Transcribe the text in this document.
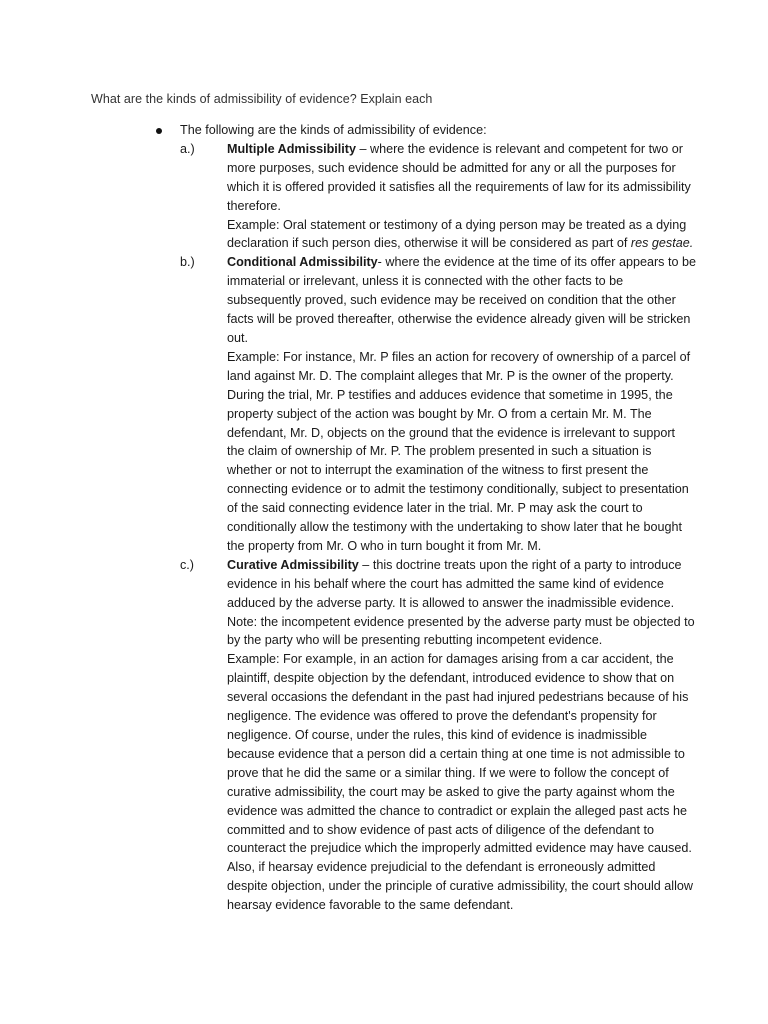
What are the kinds of admissibility of evidence? Explain each
The following are the kinds of admissibility of evidence:
a.)	Multiple Admissibility – where the evidence is relevant and competent for two or more purposes, such evidence should be admitted for any or all the purposes for which it is offered provided it satisfies all the requirements of law for its admissibility therefore.

Example: Oral statement or testimony of a dying person may be treated as a dying declaration if such person dies, otherwise it will be considered as part of res gestae.

b.)	Conditional Admissibility- where the evidence at the time of its offer appears to be immaterial or irrelevant, unless it is connected with the other facts to be subsequently proved, such evidence may be received on condition that the other facts will be proved thereafter, otherwise the evidence already given will be stricken out.

Example: For instance, Mr. P files an action for recovery of ownership of a parcel of land against Mr. D. The complaint alleges that Mr. P is the owner of the property. During the trial, Mr. P testifies and adduces evidence that sometime in 1995, the property subject of the action was bought by Mr. O from a certain Mr. M. The defendant, Mr. D, objects on the ground that the evidence is irrelevant to support the claim of ownership of Mr. P. The problem presented in such a situation is whether or not to interrupt the examination of the witness to first present the connecting evidence or to admit the testimony conditionally, subject to presentation of the said connecting evidence later in the trial. Mr. P may ask the court to conditionally allow the testimony with the undertaking to show later that he bought the property from Mr. O who in turn bought it from Mr. M.

c.)	Curative Admissibility – this doctrine treats upon the right of a party to introduce evidence in his behalf where the court has admitted the same kind of evidence adduced by the adverse party. It is allowed to answer the inadmissible evidence.

Note: the incompetent evidence presented by the adverse party must be objected to by the party who will be presenting rebutting incompetent evidence.

Example: For example, in an action for damages arising from a car accident, the plaintiff, despite objection by the defendant, introduced evidence to show that on several occasions the defendant in the past had injured pedestrians because of his negligence. The evidence was offered to prove the defendant's propensity for negligence. Of course, under the rules, this kind of evidence is inadmissible because evidence that a person did a certain thing at one time is not admissible to prove that he did the same or a similar thing. If we were to follow the concept of curative admissibility, the court may be asked to give the party against whom the evidence was admitted the chance to contradict or explain the alleged past acts he committed and to show evidence of past acts of diligence of the defendant to counteract the prejudice which the improperly admitted evidence may have caused.

Also, if hearsay evidence prejudicial to the defendant is erroneously admitted despite objection, under the principle of curative admissibility, the court should allow hearsay evidence favorable to the same defendant.
